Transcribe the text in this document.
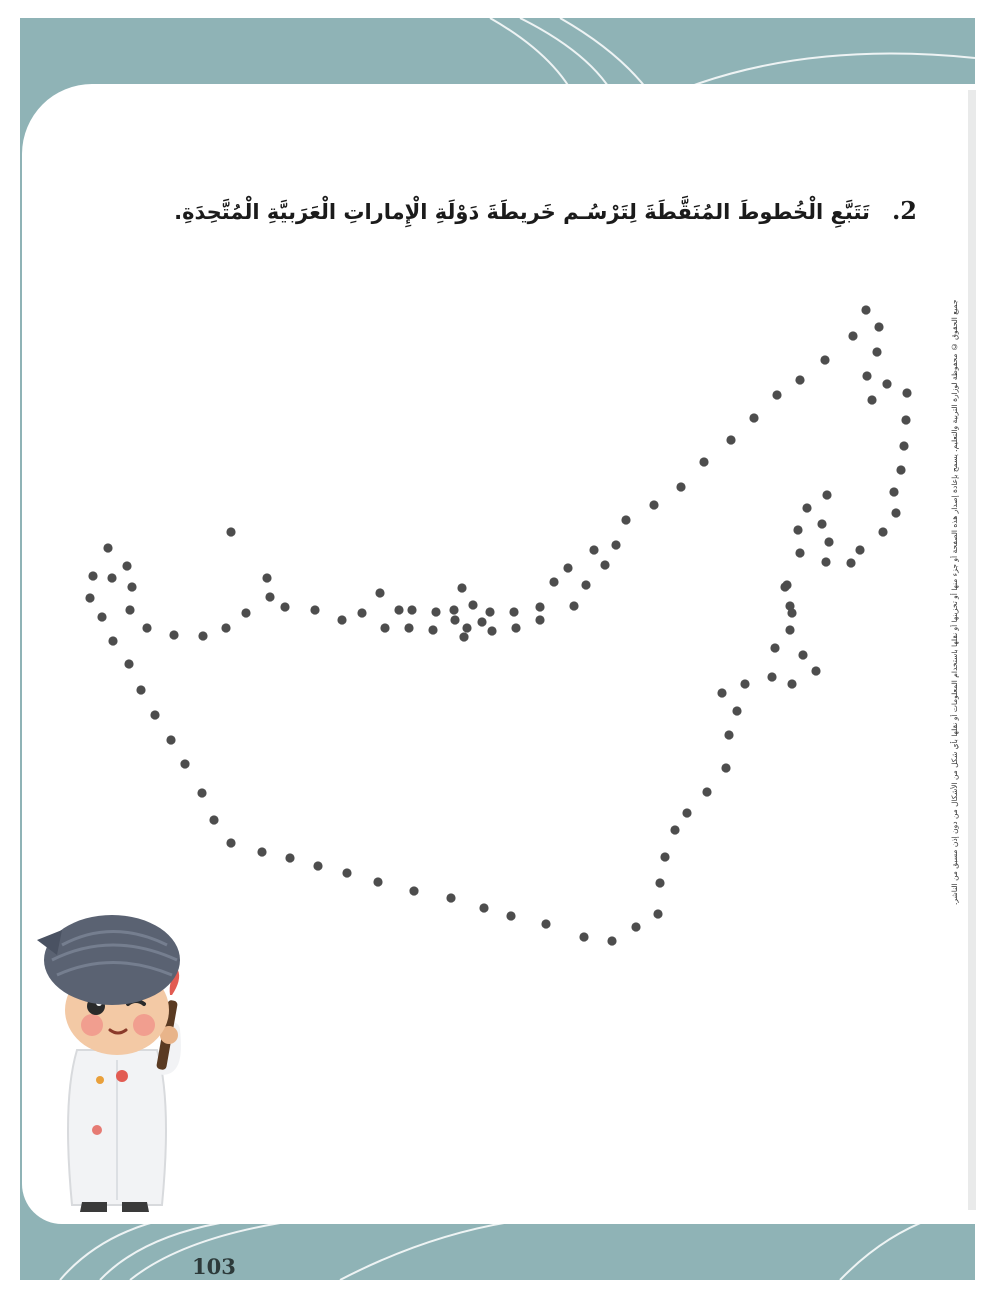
2.تَتَبَّعِ الْخُطوطَ المُنَقَّطَةَ لِتَرْسُـم خَريطَةَ دَوْلَةِ الْإِماراتِ الْعَرَبيَّةِ الْمُتَّحِدَةِ.
جميع الحقوق © محفوظة لوزارة التربية والتعليم. يسمح بإعادة إصدار هذه الصفحة أو جزء منها أو تخزينها أو نقلها باستخدام المعلومات أو نقلها بأي شكل من الأشكال من دون إذن مسبق من الناشر.
103
